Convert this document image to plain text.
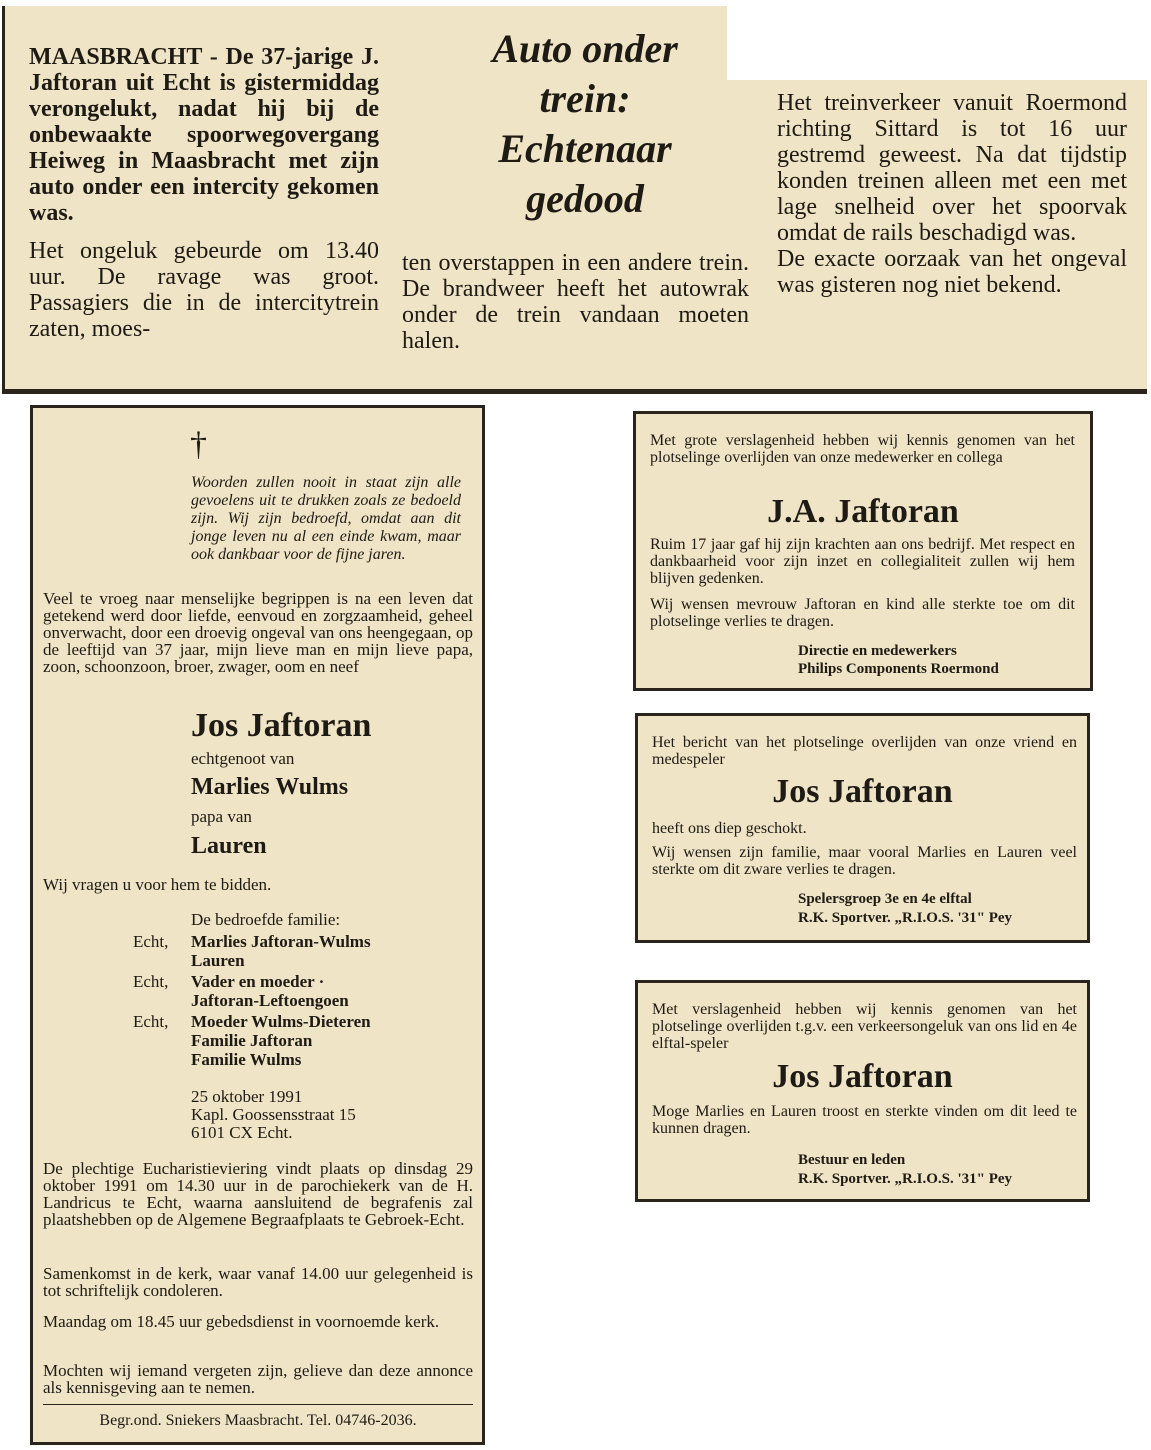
MAASBRACHT - De 37-jarige J. Jaftoran uit Echt is gistermiddag verongelukt, nadat hij bij de onbewaakte spoorwegovergang Heiweg in Maasbracht met zijn auto onder een intercity gekomen was.

Het ongeluk gebeurde om 13.40 uur. De ravage was groot. Passagiers die in de intercitytrein zaten, moes-

Auto onder
trein:
Echtenaar
gedood

ten overstappen in een andere trein. De brandweer heeft het autowrak onder de trein vandaan moeten halen.

Het treinverkeer vanuit Roermond richting Sittard is tot 16 uur gestremd geweest. Na dat tijdstip konden treinen alleen met een met lage snelheid over het spoorvak omdat de rails beschadigd was.

De exacte oorzaak van het ongeval was gisteren nog niet bekend.

†

Woorden zullen nooit in staat zijn alle gevoelens uit te drukken zoals ze bedoeld zijn. Wij zijn bedroefd, omdat aan dit jonge leven nu al een einde kwam, maar ook dankbaar voor de fijne jaren.

Veel te vroeg naar menselijke begrippen is na een leven dat getekend werd door liefde, eenvoud en zorgzaamheid, geheel onverwacht, door een droevig ongeval van ons heengegaan, op de leeftijd van 37 jaar, mijn lieve man en mijn lieve papa, zoon, schoonzoon, broer, zwager, oom en neef

Jos Jaftoran

echtgenoot van

Marlies Wulms

papa van

Lauren

Wij vragen u voor hem te bidden.

De bedroefde familie:

Echt,	Marlies Jaftoran-Wulms
Lauren
Echt,	Vader en moeder ·
Jaftoran-Leftoengoen
Echt,	Moeder Wulms-Dieteren
Familie Jaftoran
Familie Wulms
25 oktober 1991
Kapl. Goossensstraat 15
6101 CX Echt.

De plechtige Eucharistieviering vindt plaats op dinsdag 29 oktober 1991 om 14.30 uur in de parochiekerk van de H. Landricus te Echt, waarna aansluitend de begrafenis zal plaatshebben op de Algemene Begraafplaats te Gebroek-Echt.

Samenkomst in de kerk, waar vanaf 14.00 uur gelegenheid is tot schriftelijk condoleren.

Maandag om 18.45 uur gebedsdienst in voornoemde kerk.

Mochten wij iemand vergeten zijn, gelieve dan deze annonce als kennisgeving aan te nemen.

Begr.ond. Sniekers Maasbracht. Tel. 04746-2036.

Met grote verslagenheid hebben wij kennis genomen van het plotselinge overlijden van onze medewerker en collega

J.A. Jaftoran

Ruim 17 jaar gaf hij zijn krachten aan ons bedrijf. Met respect en dankbaarheid voor zijn inzet en collegialiteit zullen wij hem blijven gedenken.

Wij wensen mevrouw Jaftoran en kind alle sterkte toe om dit plotselinge verlies te dragen.

Directie en medewerkers

Philips Components Roermond

Het bericht van het plotselinge overlijden van onze vriend en medespeler

Jos Jaftoran

heeft ons diep geschokt.

Wij wensen zijn familie, maar vooral Marlies en Lauren veel sterkte om dit zware verlies te dragen.

Spelersgroep 3e en 4e elftal

R.K. Sportver. „R.I.O.S. '31" Pey

Met verslagenheid hebben wij kennis genomen van het plotselinge overlijden t.g.v. een verkeersongeluk van ons lid en 4e elftal-speler

Jos Jaftoran

Moge Marlies en Lauren troost en sterkte vinden om dit leed te kunnen dragen.

Bestuur en leden

R.K. Sportver. „R.I.O.S. '31" Pey
